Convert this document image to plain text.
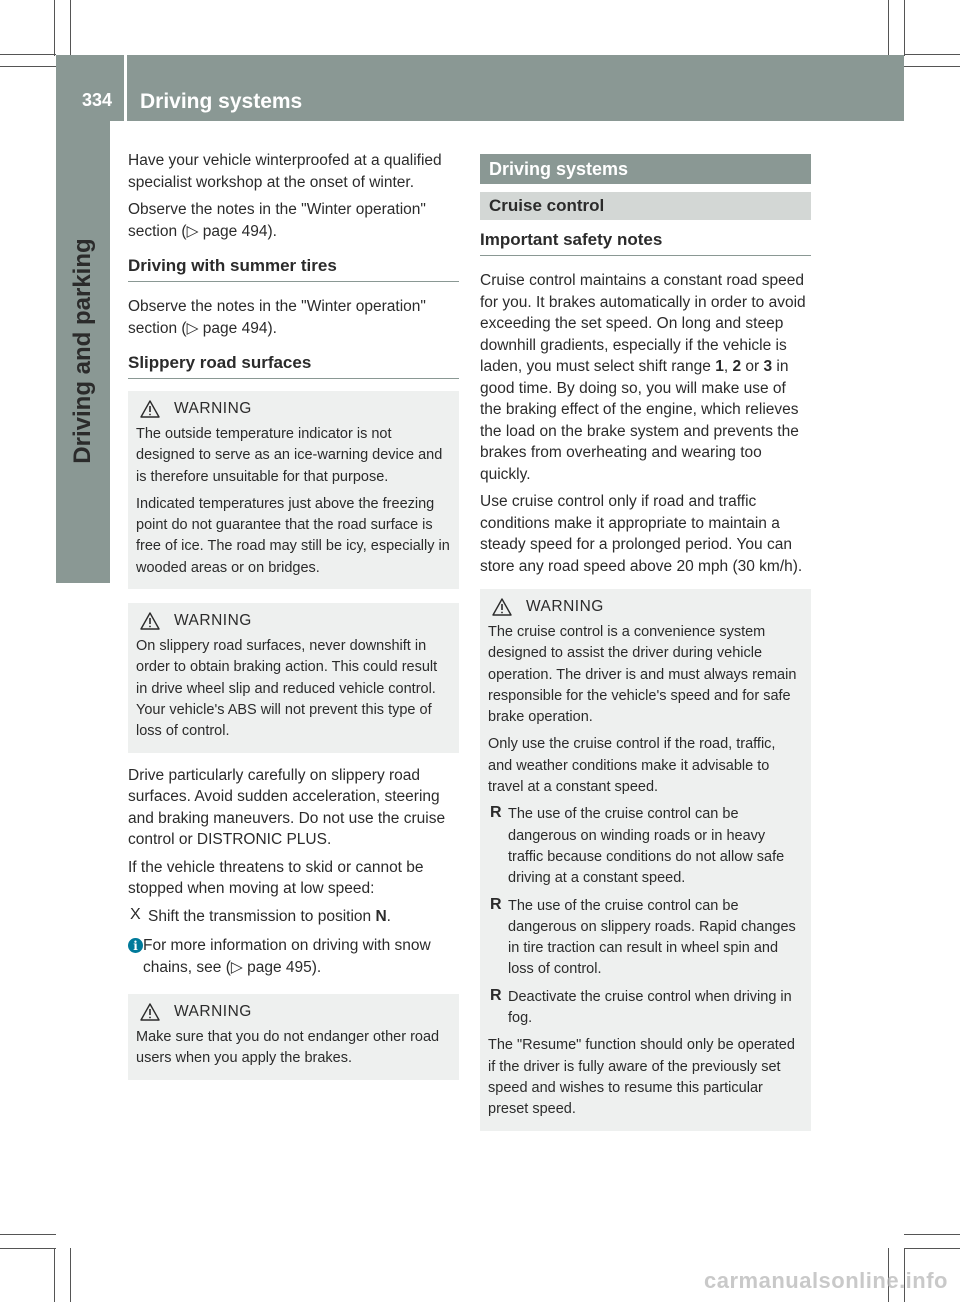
334 Driving systems
Driving and parking

Have your vehicle winterproofed at a qualified specialist workshop at the onset of winter.

Observe the notes in the "Winter operation" section (▷ page 494).

Driving with summer tires

Observe the notes in the "Winter operation" section (▷ page 494).

Slippery road surfaces
WARNING

The outside temperature indicator is not designed to serve as an ice-warning device and is therefore unsuitable for that purpose.

Indicated temperatures just above the freezing point do not guarantee that the road surface is free of ice. The road may still be icy, especially in wooded areas or on bridges.

WARNING

On slippery road surfaces, never downshift in order to obtain braking action. This could result in drive wheel slip and reduced vehicle control. Your vehicle's ABS will not prevent this type of loss of control.

Drive particularly carefully on slippery road surfaces. Avoid sudden acceleration, steering and braking maneuvers. Do not use the cruise control or DISTRONIC PLUS.

If the vehicle threatens to skid or cannot be stopped when moving at low speed:

X Shift the transmission to position N.

i For more information on driving with snow chains, see (▷ page 495).

WARNING

Make sure that you do not endanger other road users when you apply the brakes.

Driving systems
Cruise control
Important safety notes

Cruise control maintains a constant road speed for you. It brakes automatically in order to avoid exceeding the set speed. On long and steep downhill gradients, especially if the vehicle is laden, you must select shift range 1, 2 or 3 in good time. By doing so, you will make use of the braking effect of the engine, which relieves the load on the brake system and prevents the brakes from overheating and wearing too quickly.

Use cruise control only if road and traffic conditions make it appropriate to maintain a steady speed for a prolonged period. You can store any road speed above 20 mph (30 km/h).

WARNING

The cruise control is a convenience system designed to assist the driver during vehicle operation. The driver is and must always remain responsible for the vehicle's speed and for safe brake operation.

Only use the cruise control if the road, traffic, and weather conditions make it advisable to travel at a constant speed.

R The use of the cruise control can be dangerous on winding roads or in heavy traffic because conditions do not allow safe driving at a constant speed.

R The use of the cruise control can be dangerous on slippery roads. Rapid changes in tire traction can result in wheel spin and loss of control.

R Deactivate the cruise control when driving in fog.

The "Resume" function should only be operated if the driver is fully aware of the previously set speed and wishes to resume this particular preset speed.

carmanualsonline.info
